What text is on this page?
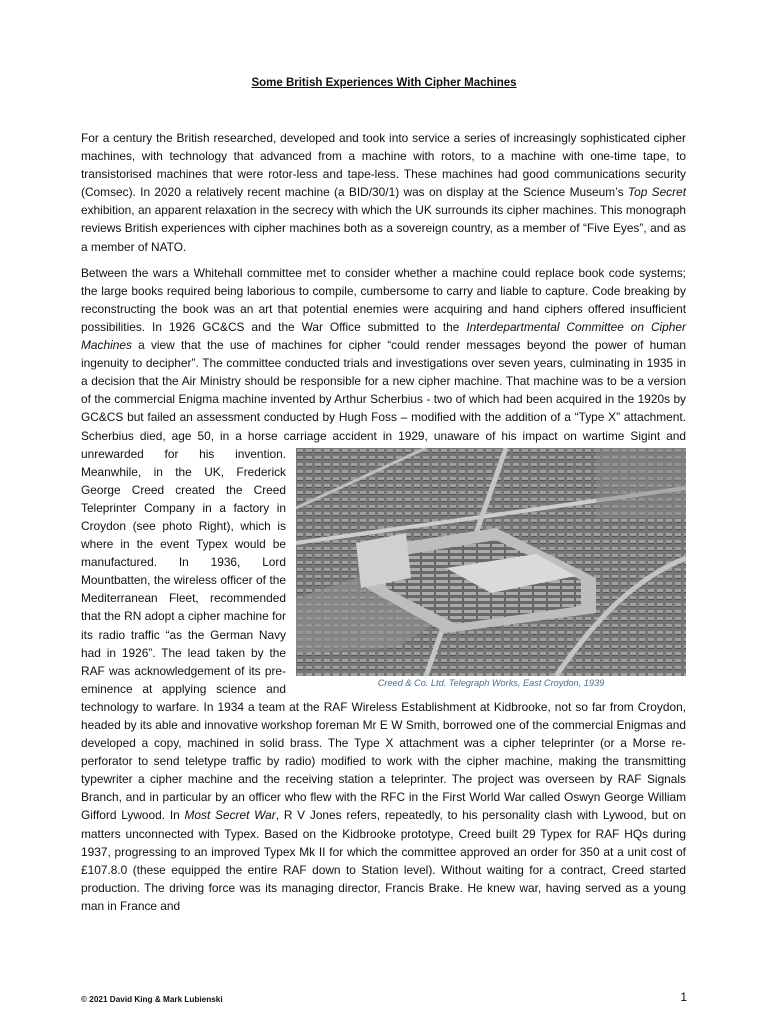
Some British Experiences With Cipher Machines

For a century the British researched, developed and took into service a series of increasingly sophisticated cipher machines, with technology that advanced from a machine with rotors, to a machine with one-time tape, to transistorised machines that were rotor-less and tape-less. These machines had good communications security (Comsec). In 2020 a relatively recent machine (a BID/30/1) was on display at the Science Museum’s Top Secret exhibition, an apparent relaxation in the secrecy with which the UK surrounds its cipher machines. This monograph reviews British experiences with cipher machines both as a sovereign country, as a member of “Five Eyes”, and as a member of NATO.

Between the wars a Whitehall committee met to consider whether a machine could replace book code systems; the large books required being laborious to compile, cumbersome to carry and liable to capture. Code breaking by reconstructing the book was an art that potential enemies were acquiring and hand ciphers offered insufficient possibilities. In 1926 GC&CS and the War Office submitted to the Interdepartmental Committee on Cipher Machines a view that the use of machines for cipher “could render messages beyond the power of human ingenuity to decipher”. The committee conducted trials and investigations over seven years, culminating in 1935 in a decision that the Air Ministry should be responsible for a new cipher machine. That machine was to be a version of the commercial Enigma machine invented by Arthur Scherbius - two of which had been acquired in the 1920s by GC&CS but failed an assessment conducted by Hugh Foss – modified with the addition of a “Type X” attachment. Scherbius died, age 50, in a horse carriage accident in 1929, unaware of his impact on wartime Sigint and
Creed & Co. Ltd. Telegraph Works, East Croydon, 1939
unrewarded for his invention. Meanwhile, in the UK, Frederick George Creed created the Creed Teleprinter Company in a factory in Croydon (see photo Right), which is where in the event Typex would be manufactured. In 1936, Lord Mountbatten, the wireless officer of the Mediterranean Fleet, recommended that the RN adopt a cipher machine for its radio traffic “as the German Navy had in 1926”. The lead taken by the RAF was acknowledgement of its pre-eminence at applying science and technology to warfare. In 1934 a team at the RAF Wireless Establishment at Kidbrooke, not so far from Croydon, headed by its able and innovative workshop foreman Mr E W Smith, borrowed one of the commercial Enigmas and developed a copy, machined in solid brass. The Type X attachment was a cipher teleprinter (or a Morse re-perforator to send teletype traffic by radio) modified to work with the cipher machine, making the transmitting typewriter a cipher machine and the receiving station a teleprinter. The project was overseen by RAF Signals Branch, and in particular by an officer who flew with the RFC in the First World War called Oswyn George William Gifford Lywood. In Most Secret War, R V Jones refers, repeatedly, to his personality clash with Lywood, but on matters unconnected with Typex. Based on the Kidbrooke prototype, Creed built 29 Typex for RAF HQs during 1937, progressing to an improved Typex Mk II for which the committee approved an order for 350 at a unit cost of £107.8.0 (these equipped the entire RAF down to Station level). Without waiting for a contract, Creed started production. The driving force was its managing director, Francis Brake. He knew war, having served as a young man in France and

© 2021 David King & Mark Lubienski	1
